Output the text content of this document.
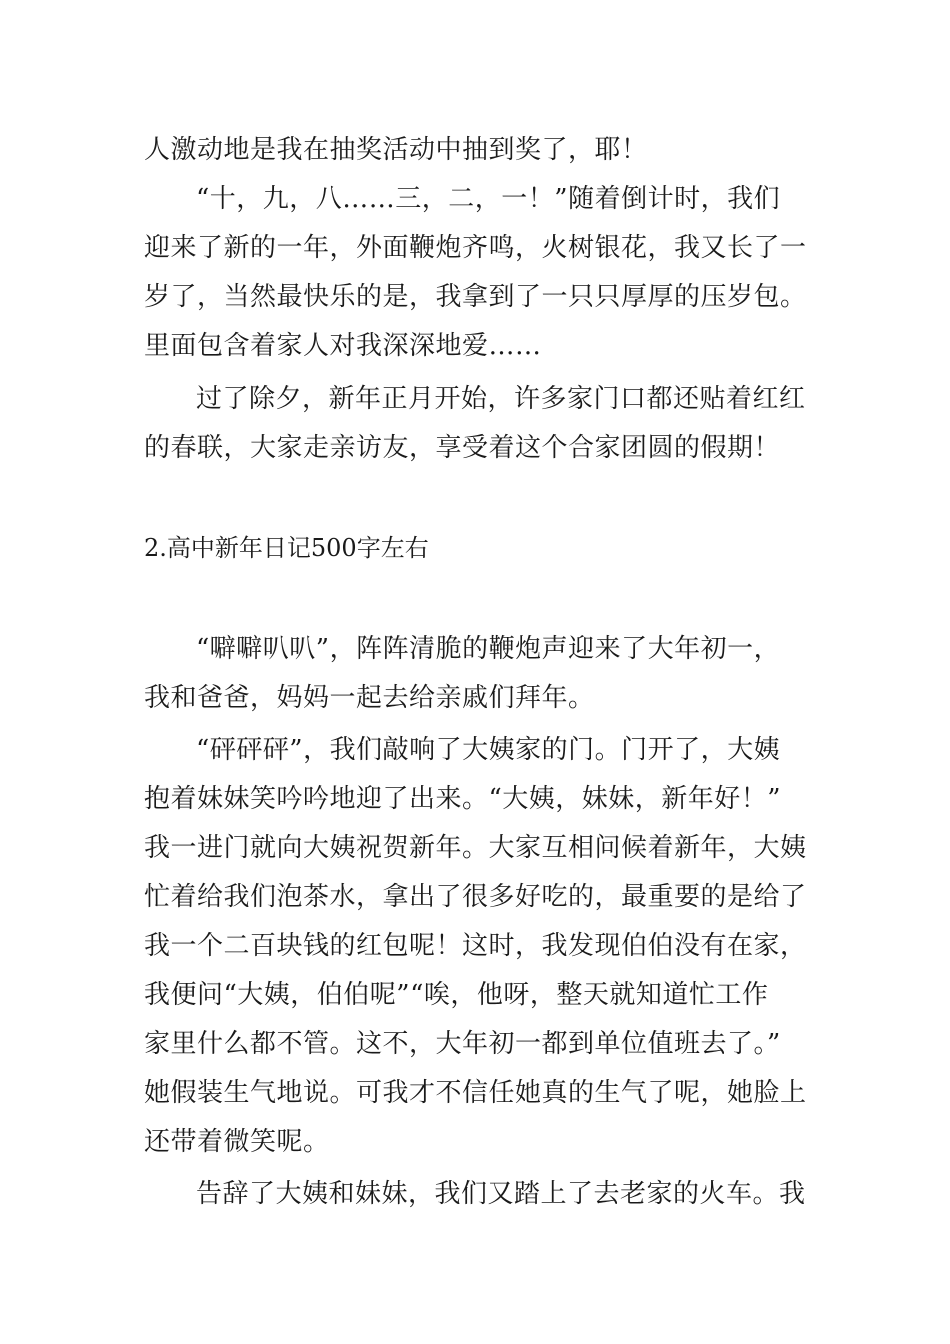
人激动地是我在抽奖活动中抽到奖了，耶！
“十，九，八……三，二，一！”随着倒计时，我们
迎来了新的一年，外面鞭炮齐鸣，火树银花，我又长了一
岁了，当然最快乐的是，我拿到了一只只厚厚的压岁包。
里面包含着家人对我深深地爱……
过了除夕，新年正月开始，许多家门口都还贴着红红
的春联，大家走亲访友，享受着这个合家团圆的假期！
2.高中新年日记500字左右
“噼噼叭叭”，阵阵清脆的鞭炮声迎来了大年初一，
我和爸爸，妈妈一起去给亲戚们拜年。
“砰砰砰”，我们敲响了大姨家的门。门开了，大姨
抱着妹妹笑吟吟地迎了出来。“大姨，妹妹，新年好！”
我一进门就向大姨祝贺新年。大家互相问候着新年，大姨
忙着给我们泡茶水，拿出了很多好吃的，最重要的是给了
我一个二百块钱的红包呢！这时，我发现伯伯没有在家，
我便问“大姨，伯伯呢”“唉，他呀，整天就知道忙工作
家里什么都不管。这不，大年初一都到单位值班去了。”
她假装生气地说。可我才不信任她真的生气了呢，她脸上
还带着微笑呢。
告辞了大姨和妹妹，我们又踏上了去老家的火车。我
